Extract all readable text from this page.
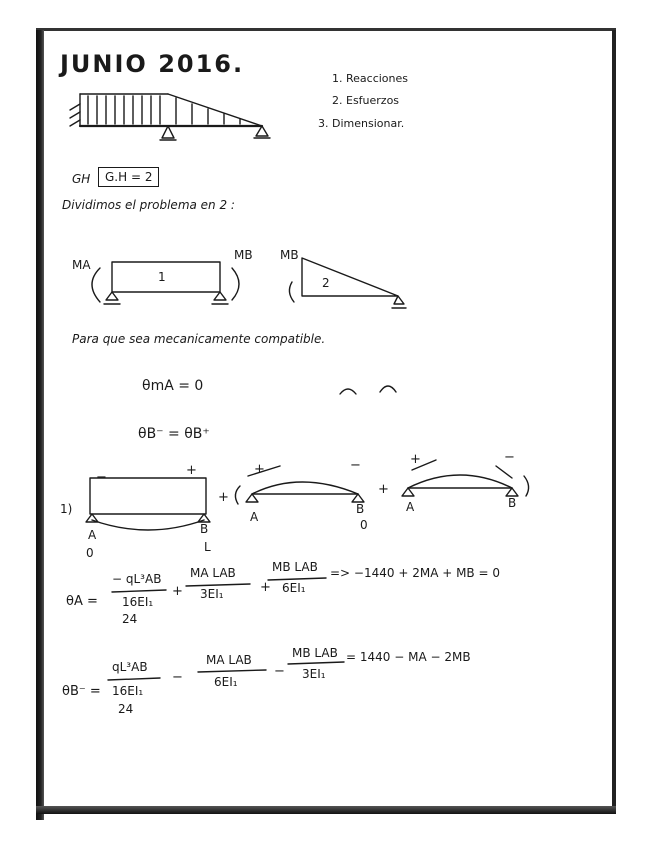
JUNIO 2016.
1. Reacciones
2. Esfuerzos
3. Dimensionar.
GH	G.H = 2
Dividimos el problema en 2 :
Para que sea mecanicamente compatible.
θmA = 0
θB⁻ = θB⁺
MA
MB
1
MB
2
1)
−	+
A	B
0	L
+
+	−
A
B
0
+
+	−
A	B
θA =
− qL³AB
16EI₁
24
+
MA LAB
3EI₁	+
MB LAB
6EI₁
=> −1440 + 2MA + MB = 0
θB⁻ =
qL³AB
16EI₁
24
−
MA LAB
6EI₁
−
MB LAB
3EI₁
= 1440 − MA − 2MB
